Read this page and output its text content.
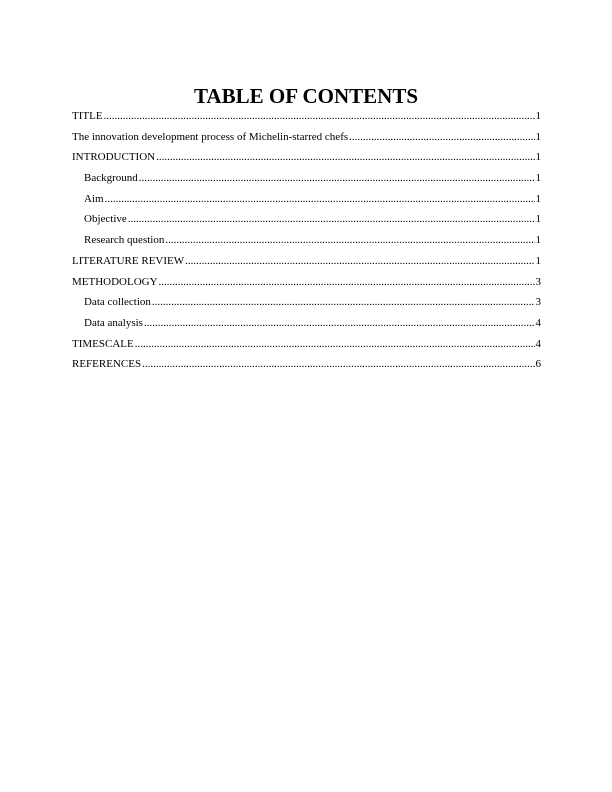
TABLE OF CONTENTS
TITLE .....	1
The innovation development process of Michelin-starred chefs .....	1
INTRODUCTION .....	1
Background .....	1
Aim .....	1
Objective .....	1
Research question .....	1
LITERATURE REVIEW .....	1
METHODOLOGY .....	3
Data collection .....	3
Data analysis .....	4
TIMESCALE .....	4
REFERENCES .....	6
